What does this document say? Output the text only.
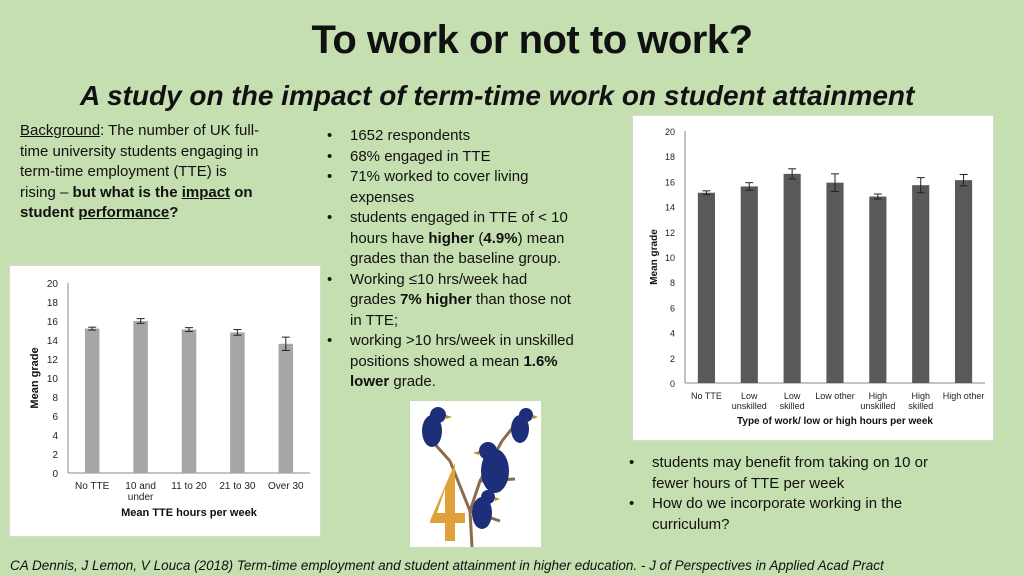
To work or not to work?
A study on the impact of term-time work on student attainment
Background: The number of UK full-time university students engaging in term-time employment (TTE) is rising – but what is the impact on student performance?
• 1652 respondents
• 68% engaged in TTE
• 71% worked to cover living expenses
• students engaged in TTE of < 10 hours have higher (4.9%) mean grades than the baseline group.
• Working ≤10 hrs/week had grades 7% higher than those not in TTE;
• working >10 hrs/week in unskilled positions showed a mean 1.6% lower grade.
0
2
4
6
8
10
12
14
16
18
20
No TTE 10 and under
11 to 20 21 to 30 Over 30
Mean TTE hours per week
Mean grade	0
2
4
6
8
10
12
14
16
18
20
No TTE	Low unskilled
Low skilled
Low other	High unskilled
High skilled
High other
Type of work/ low or high hours per week
Mean grade
• students may benefit from taking on 10 or fewer hours of TTE per week
• How do we incorporate working in the curriculum?
CA Dennis, J Lemon, V Louca (2018) Term-time employment and student attainment in higher education. - J of Perspectives in Applied Acad Pract
